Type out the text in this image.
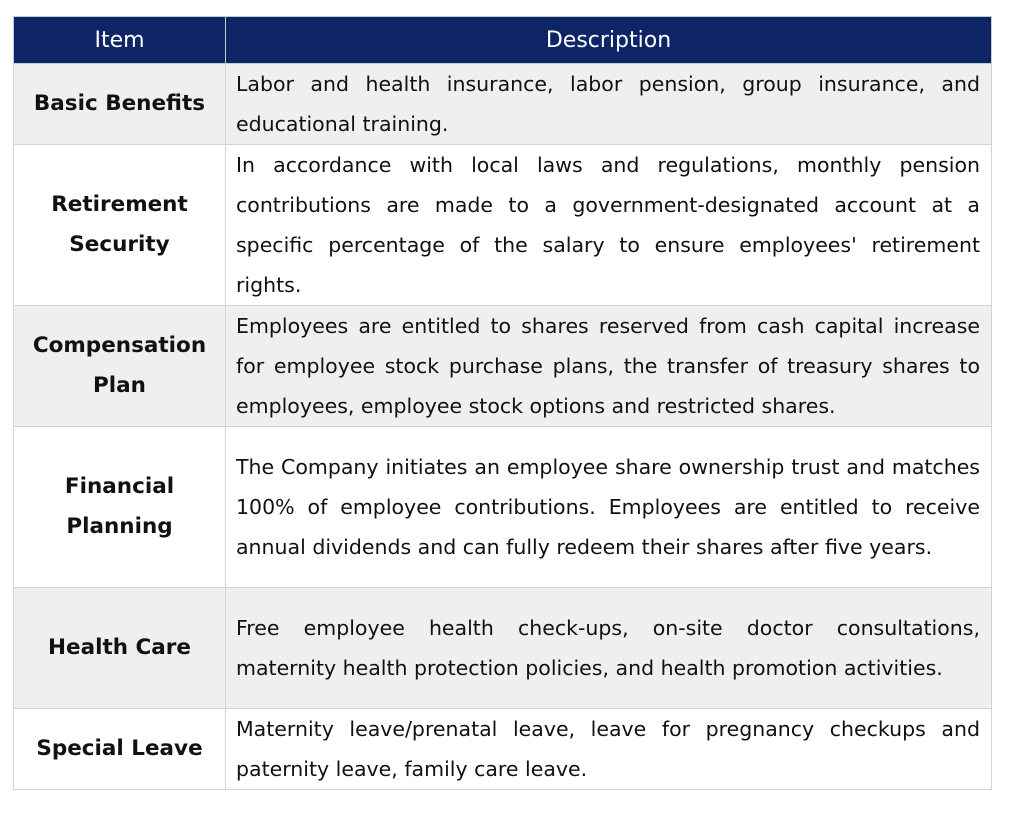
Item	Description
Basic Benefits	Labor and health insurance, labor pension, group insurance, and educational training.
Retirement Security	In accordance with local laws and regulations, monthly pension contributions are made to a government-designated account at a specific percentage of the salary to ensure employees' retirement rights.
Compensation Plan	Employees are entitled to shares reserved from cash capital increase for employee stock purchase plans, the transfer of treasury shares to employees, employee stock options and restricted shares.
Financial Planning	The Company initiates an employee share ownership trust and matches 100% of employee contributions. Employees are entitled to receive annual dividends and can fully redeem their shares after five years.
Health Care	Free employee health check-ups, on-site doctor consultations, maternity health protection policies, and health promotion activities.
Special Leave	Maternity leave/prenatal leave, leave for pregnancy checkups and paternity leave, family care leave.
